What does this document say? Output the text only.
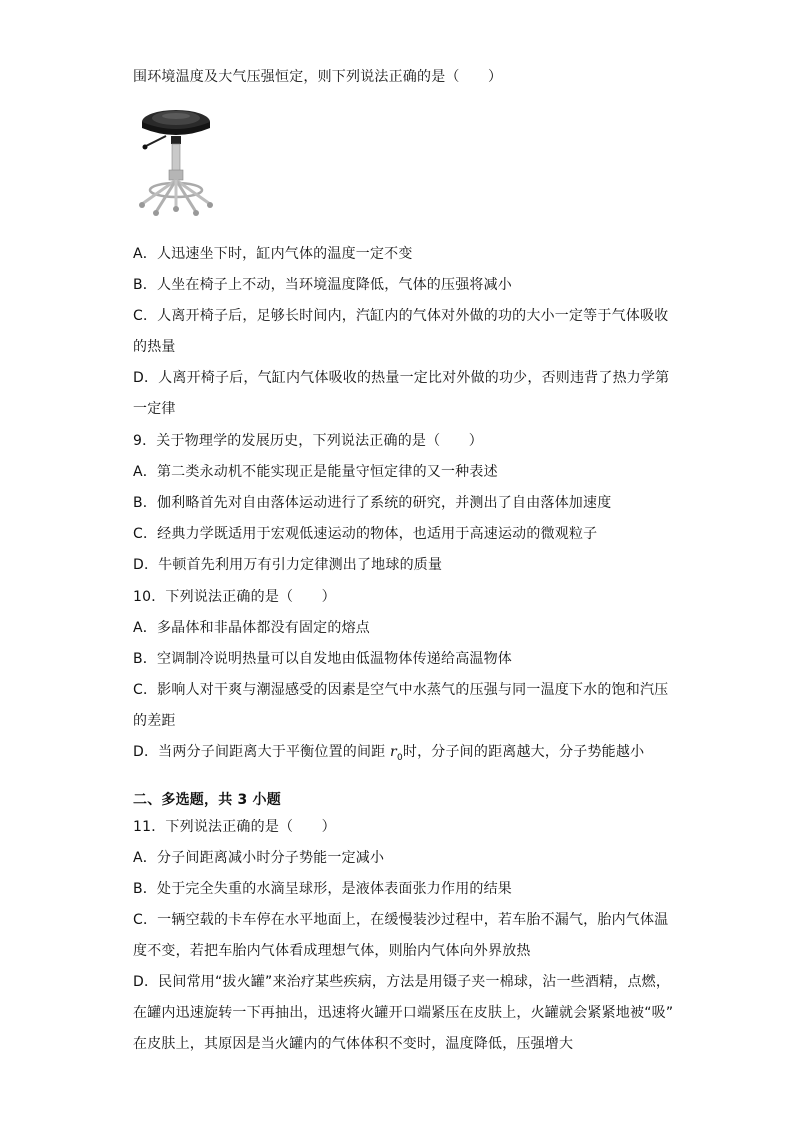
围环境温度及大气压强恒定，则下列说法正确的是（　　）
A．人迅速坐下时，缸内气体的温度一定不变
B．人坐在椅子上不动，当环境温度降低，气体的压强将减小
C．人离开椅子后，足够长时间内，汽缸内的气体对外做的功的大小一定等于气体吸收
的热量
D．人离开椅子后，气缸内气体吸收的热量一定比对外做的功少，否则违背了热力学第
一定律
9．关于物理学的发展历史，下列说法正确的是（　　）
A．第二类永动机不能实现正是能量守恒定律的又一种表述
B．伽利略首先对自由落体运动进行了系统的研究，并测出了自由落体加速度
C．经典力学既适用于宏观低速运动的物体，也适用于高速运动的微观粒子
D．牛顿首先利用万有引力定律测出了地球的质量
10．下列说法正确的是（　　）
A．多晶体和非晶体都没有固定的熔点
B．空调制冷说明热量可以自发地由低温物体传递给高温物体
C．影响人对干爽与潮湿感受的因素是空气中水蒸气的压强与同一温度下水的饱和汽压
的差距
D．当两分子间距离大于平衡位置的间距 $r_0$时，分子间的距离越大，分子势能越小
二、多选题，共 3 小题
11．下列说法正确的是（　　）
A．分子间距离减小时分子势能一定减小
B．处于完全失重的水滴呈球形，是液体表面张力作用的结果
C．一辆空载的卡车停在水平地面上，在缓慢装沙过程中，若车胎不漏气，胎内气体温
度不变，若把车胎内气体看成理想气体，则胎内气体向外界放热
D．民间常用“拔火罐”来治疗某些疾病，方法是用镊子夹一棉球，沾一些酒精，点燃，
在罐内迅速旋转一下再抽出，迅速将火罐开口端紧压在皮肤上，火罐就会紧紧地被“吸”
在皮肤上，其原因是当火罐内的气体体积不变时，温度降低，压强增大
